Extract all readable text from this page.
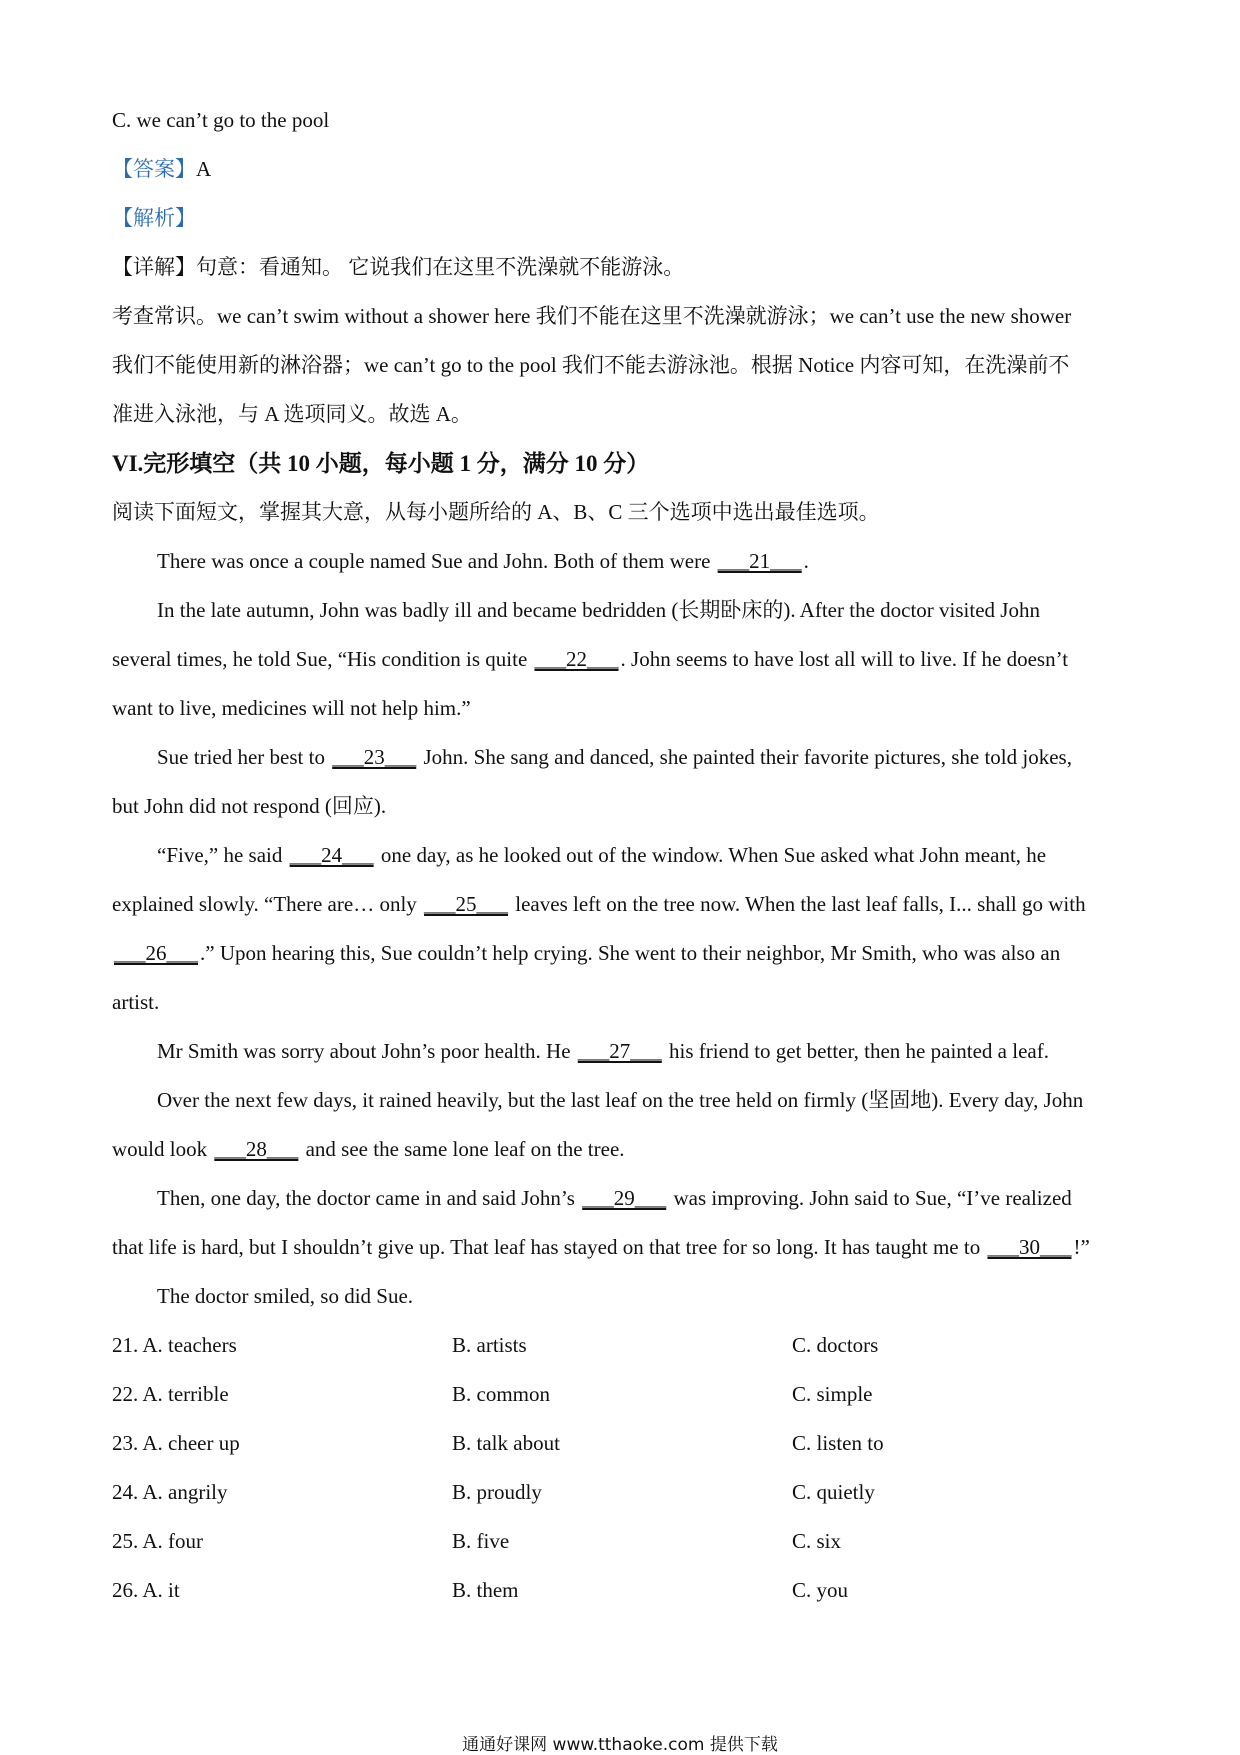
C. we can’t go to the pool
【答案】A
【解析】
【详解】句意：看通知。 它说我们在这里不洗澡就不能游泳。
考查常识。we can’t swim without a shower here 我们不能在这里不洗澡就游泳；we can’t use the new shower
我们不能使用新的淋浴器；we can’t go to the pool 我们不能去游泳池。根据 Notice 内容可知，在洗澡前不
准进入泳池，与 A 选项同义。故选 A。
VI.完形填空（共 10 小题，每小题 1 分，满分 10 分）
阅读下面短文，掌握其大意，从每小题所给的 A、B、C 三个选项中选出最佳选项。
There was once a couple named Sue and John. Both of them were ___21___.
In the late autumn, John was badly ill and became bedridden (长期卧床的). After the doctor visited John
several times, he told Sue, “His condition is quite ___22___. John seems to have lost all will to live. If he doesn’t
want to live, medicines will not help him.”
Sue tried her best to ___23___ John. She sang and danced, she painted their favorite pictures, she told jokes,
but John did not respond (回应).
“Five,” he said ___24___ one day, as he looked out of the window. When Sue asked what John meant, he
explained slowly. “There are… only ___25___ leaves left on the tree now. When the last leaf falls, I... shall go with
___26___.” Upon hearing this, Sue couldn’t help crying. She went to their neighbor, Mr Smith, who was also an
artist.
Mr Smith was sorry about John’s poor health. He ___27___ his friend to get better, then he painted a leaf.
Over the next few days, it rained heavily, but the last leaf on the tree held on firmly (坚固地). Every day, John
would look ___28___ and see the same lone leaf on the tree.
Then, one day, the doctor came in and said John’s ___29___ was improving. John said to Sue, “I’ve realized
that life is hard, but I shouldn’t give up. That leaf has stayed on that tree for so long. It has taught me to ___30___!”
The doctor smiled, so did Sue.
21. A. teachers	B. artists	C. doctors
22. A. terrible	B. common	C. simple
23. A. cheer up	B. talk about	C. listen to
24. A. angrily	B. proudly	C. quietly
25. A. four	B. five	C. six
26. A. it	B. them	C. you
通通好课网 www.tthaoke.com 提供下载
